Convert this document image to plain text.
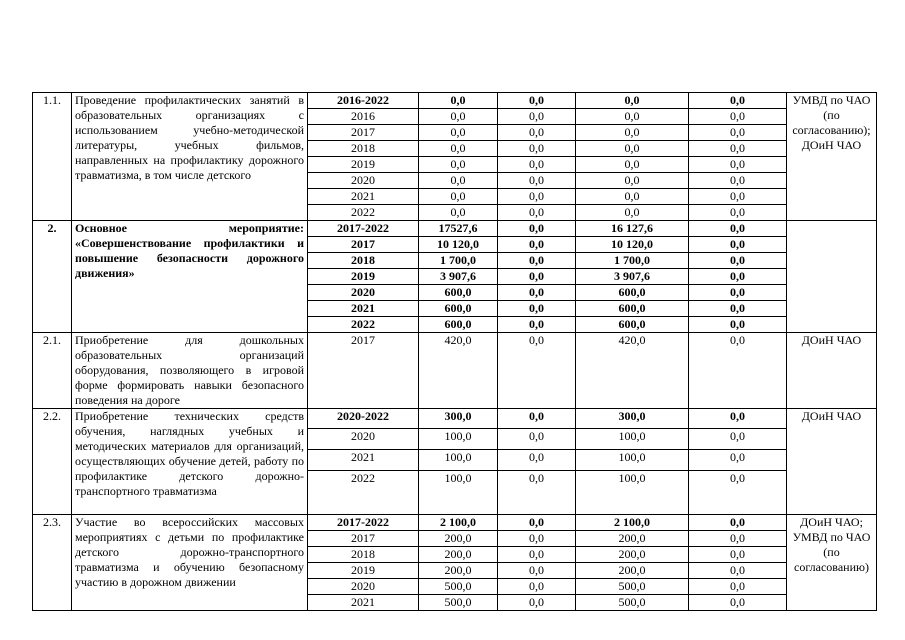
1.1.	Проведение профилактических занятий в образовательных организациях с использованием учебно-методической литературы, учебных фильмов, направленных на профилактику дорожного травматизма, в том числе детского	2016-2022	0,0	0,0	0,0	0,0	УМВД по ЧАО (по согласованию); ДОиН ЧАО
		2016	0,0	0,0	0,0	0,0	
		2017	0,0	0,0	0,0	0,0	
		2018	0,0	0,0	0,0	0,0	
		2019	0,0	0,0	0,0	0,0	
		2020	0,0	0,0	0,0	0,0	
		2021	0,0	0,0	0,0	0,0	
		2022	0,0	0,0	0,0	0,0	
2.	Основное мероприятие: «Совершенствование профилактики и повышение безопасности дорожного движения»	2017-2022	17527,6	0,0	16 127,6	0,0	
		2017	10 120,0	0,0	10 120,0	0,0	
		2018	1 700,0	0,0	1 700,0	0,0	
		2019	3 907,6	0,0	3 907,6	0,0	
		2020	600,0	0,0	600,0	0,0	
		2021	600,0	0,0	600,0	0,0	
		2022	600,0	0,0	600,0	0,0	
2.1.	Приобретение для дошкольных образовательных организаций оборудования, позволяющего в игровой форме формировать навыки безопасного поведения на дороге	2017	420,0	0,0	420,0	0,0	ДОиН ЧАО
2.2.	Приобретение технических средств обучения, наглядных учебных и методических материалов для организаций, осуществляющих обучение детей, работу по профилактике детского дорожно-транспортного травматизма	2020-2022	300,0	0,0	300,0	0,0	ДОиН ЧАО
		2020	100,0	0,0	100,0	0,0	
		2021	100,0	0,0	100,0	0,0	
		2022	100,0	0,0	100,0	0,0	
2.3.	Участие во всероссийских массовых мероприятиях с детьми по профилактике детского дорожно-транспортного травматизма и обучению безопасному участию в дорожном движении	2017-2022	2 100,0	0,0	2 100,0	0,0	ДОиН ЧАО; УМВД по ЧАО (по согласованию)
		2017	200,0	0,0	200,0	0,0	
		2018	200,0	0,0	200,0	0,0	
		2019	200,0	0,0	200,0	0,0	
		2020	500,0	0,0	500,0	0,0	
		2021	500,0	0,0	500,0	0,0	
